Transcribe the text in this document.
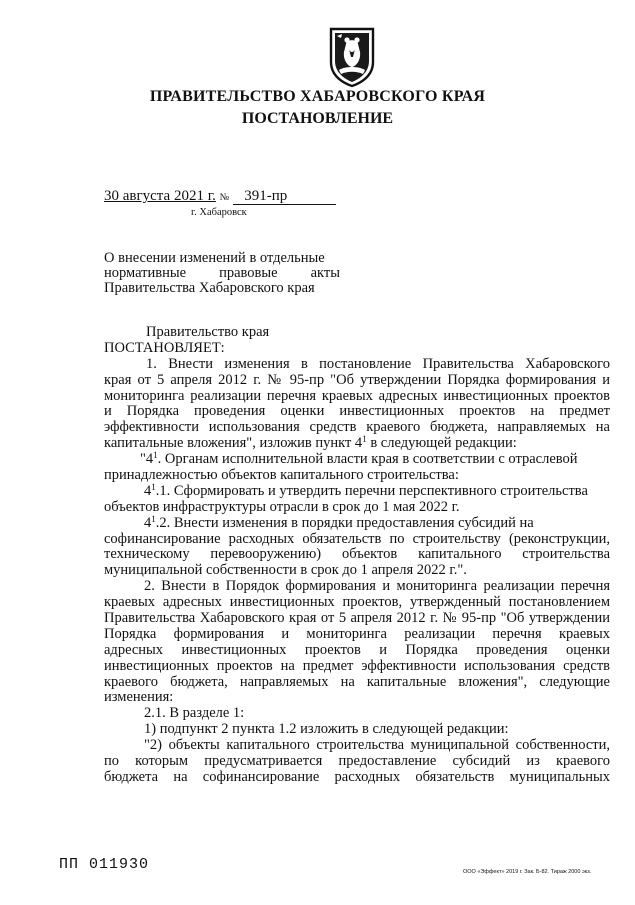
ПРАВИТЕЛЬСТВО ХАБАРОВСКОГО КРАЯ
ПОСТАНОВЛЕНИЕ
30 августа 2021 г. № 391-пр
г. Хабаровск
О внесении изменений в отдельные
нормативные правовые акты
Правительства Хабаровского края
Правительство края
ПОСТАНОВЛЯЕТ:
1. Внести изменения в постановление Правительства Хабаровского
края от 5 апреля 2012 г. № 95-пр "Об утверждении Порядка формирования и
мониторинга реализации перечня краевых адресных инвестиционных проектов
и Порядка проведения оценки инвестиционных проектов на предмет
эффективности использования средств краевого бюджета, направляемых на
капитальные вложения", изложив пункт $4^1$ в следующей редакции:
"$4^1$. Органам исполнительной власти края в соответствии с отраслевой
принадлежностью объектов капитального строительства:
$4^1.1$. Сформировать и утвердить перечни перспективного строительства
объектов инфраструктуры отрасли в срок до 1 мая 2022 г.
$4^1.2$. Внести изменения в порядки предоставления субсидий на
софинансирование расходных обязательств по строительству (реконструкции,
техническому перевооружению) объектов капитального строительства
муниципальной собственности в срок до 1 апреля 2022 г.".
2. Внести в Порядок формирования и мониторинга реализации перечня
краевых адресных инвестиционных проектов, утвержденный постановлением
Правительства Хабаровского края от 5 апреля 2012 г. № 95-пр "Об утверждении
Порядка формирования и мониторинга реализации перечня краевых
адресных инвестиционных проектов и Порядка проведения оценки
инвестиционных проектов на предмет эффективности использования средств
краевого бюджета, направляемых на капитальные вложения", следующие
изменения:
2.1. В разделе 1:
1) подпункт 2 пункта 1.2 изложить в следующей редакции:
"2) объекты капитального строительства муниципальной собственности,
по которым предусматривается предоставление субсидий из краевого
бюджета на софинансирование расходных обязательств муниципальных
ПП 011930	ООО «Эффект» 2019 г. Зак. Б-82. Тираж 2000 экз.
